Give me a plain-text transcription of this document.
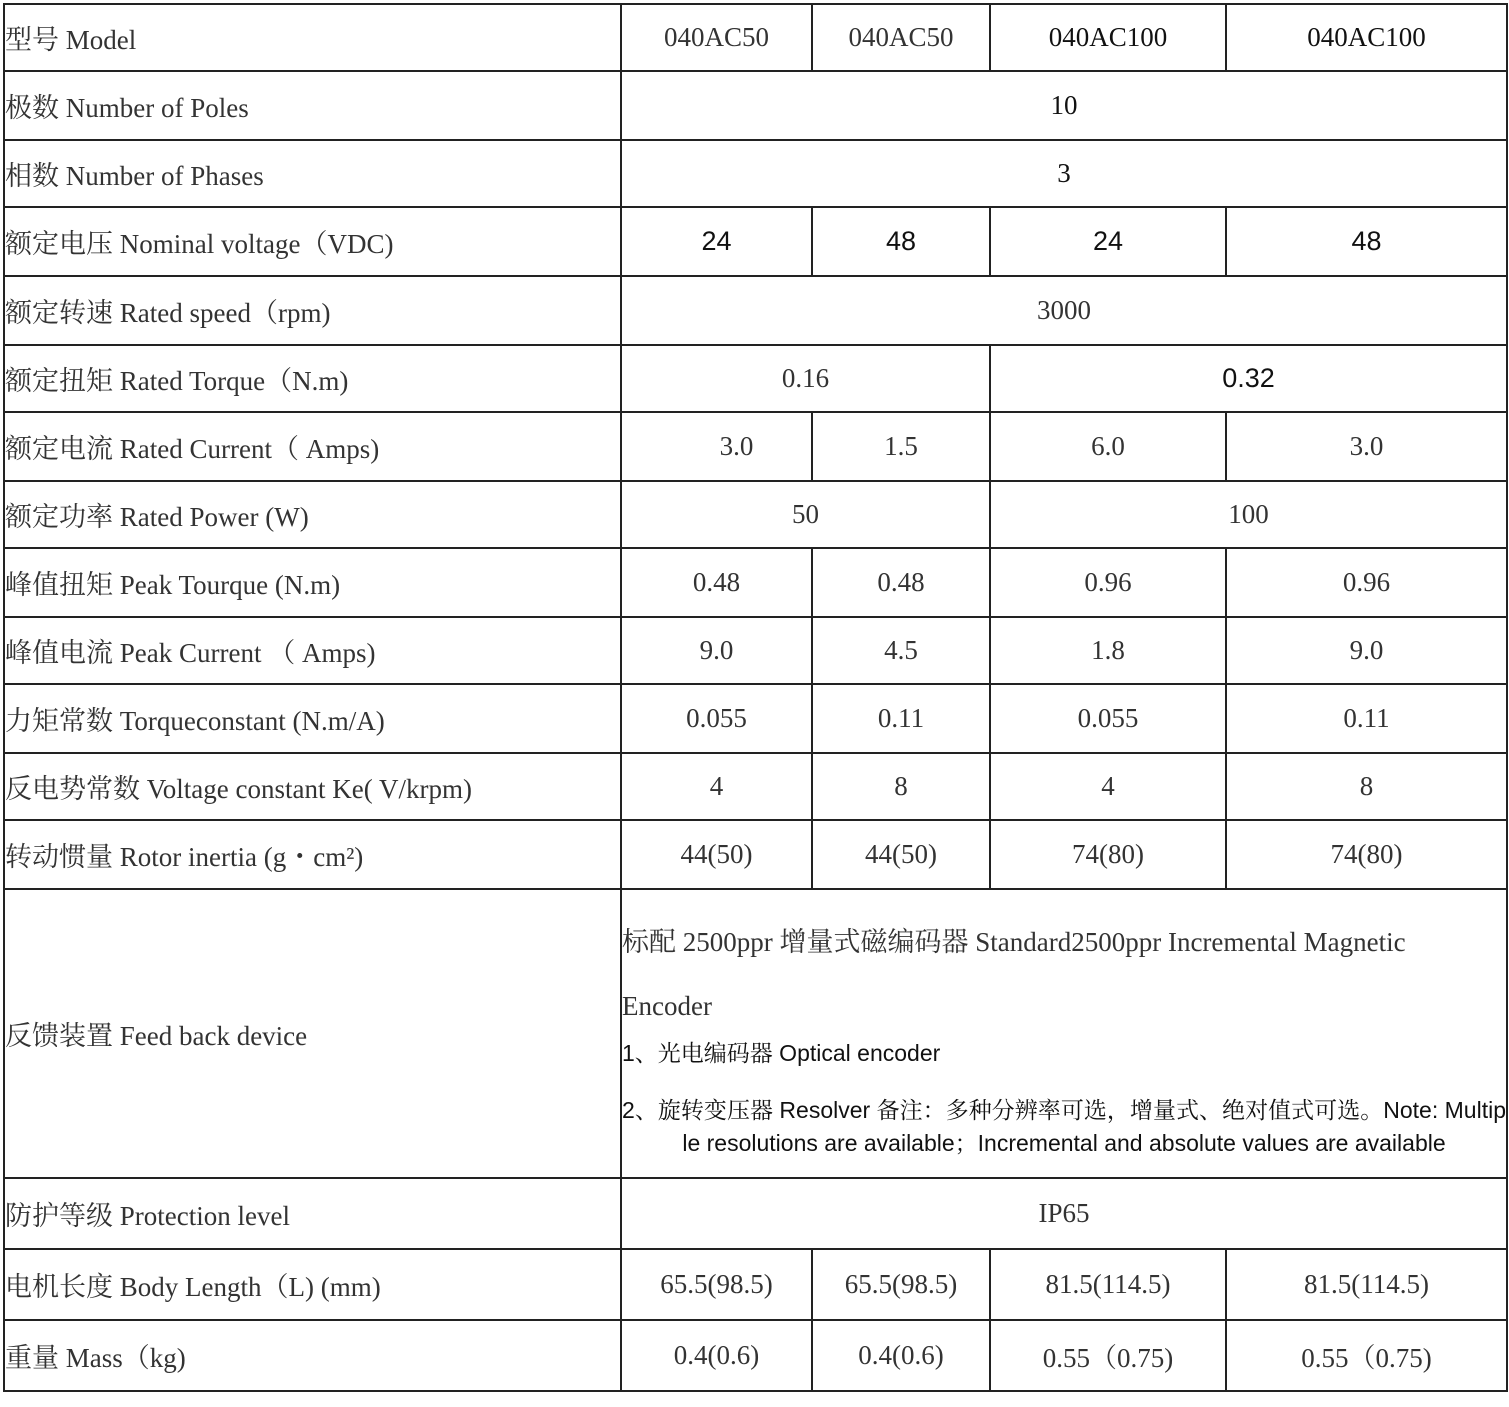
型号 Model	040AC50	040AC50	040AC100	040AC100
极数 Number of Poles	10			
相数 Number of Phases	3			
额定电压 Nominal voltage（VDC)	24	48	24	48
额定转速 Rated speed（rpm)	3000			
额定扭矩 Rated Torque（N.m)	0.16		0.32	
额定电流 Rated Current（ Amps)	3.0	1.5	6.0	3.0
额定功率 Rated Power (W)	50		100	
峰值扭矩 Peak Tourque (N.m)	0.48	0.48	0.96	0.96
峰值电流 Peak Current （ Amps)	9.0	4.5	1.8	9.0
力矩常数 Torqueconstant (N.m/A)	0.055	0.11	0.055	0.11
反电势常数 Voltage constant Ke( V/krpm)	4	8	4	8
转动惯量 Rotor inertia (g・cm²)	44(50)	44(50)	74(80)	74(80)
反馈装置 Feed back device	标配 2500ppr 增量式磁编码器 Standard2500ppr Incremental Magnetic
Encoder
1、光电编码器 Optical encoder
2、旋转变压器 Resolver 备注：多种分辨率可选，增量式、绝对值式可选。Note: Multiple resolutions are available；Incremental and absolute values are available			

防护等级 Protection level	IP65			
电机长度 Body Length（L) (mm)	65.5(98.5)	65.5(98.5)	81.5(114.5)	81.5(114.5)
重量 Mass（kg)	0.4(0.6)	0.4(0.6)	0.55（0.75)	0.55（0.75)
